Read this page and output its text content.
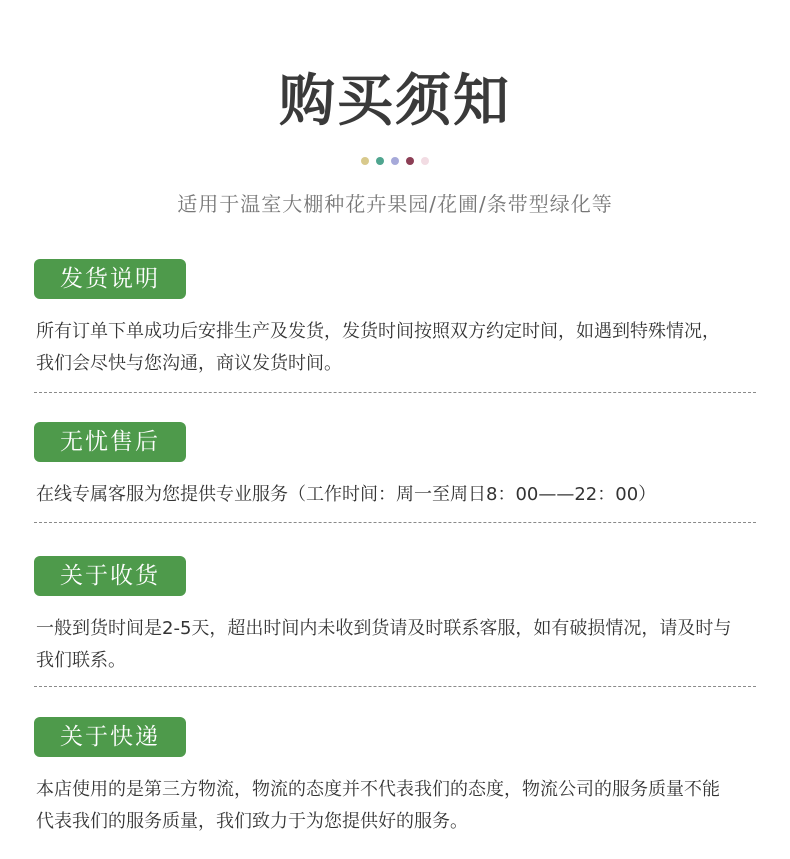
购买须知
适用于温室大棚种花卉果园/花圃/条带型绿化等
发货说明
所有订单下单成功后安排生产及发货，发货时间按照双方约定时间，如遇到特殊情况，我们会尽快与您沟通，商议发货时间。
无忧售后
在线专属客服为您提供专业服务（工作时间：周一至周日8：00——22：00）
关于收货
一般到货时间是2-5天，超出时间内未收到货请及时联系客服，如有破损情况，请及时与我们联系。
关于快递
本店使用的是第三方物流，物流的态度并不代表我们的态度，物流公司的服务质量不能代表我们的服务质量，我们致力于为您提供好的服务。
